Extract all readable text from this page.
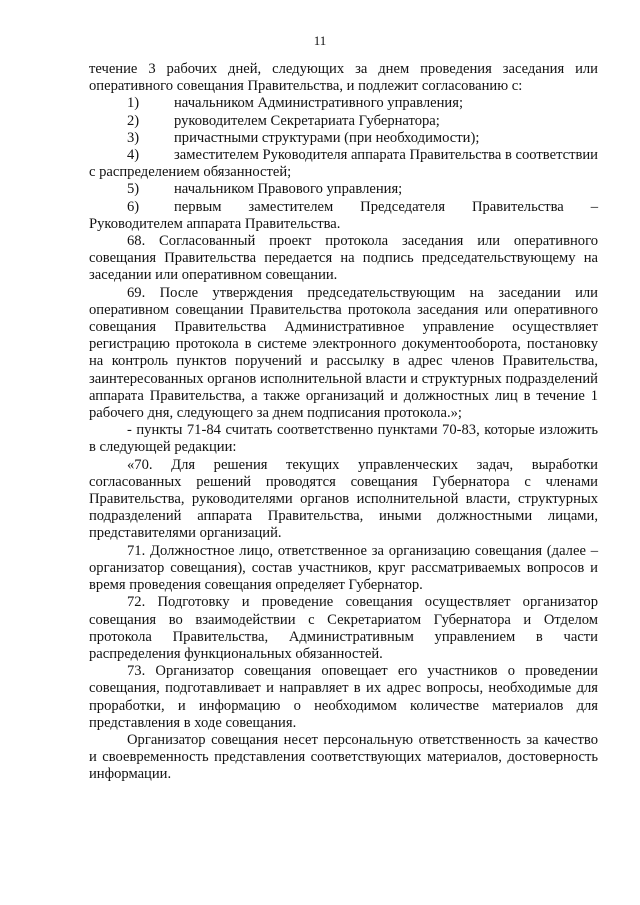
11

течение 3 рабочих дней, следующих за днем проведения заседания или оперативного совещания Правительства, и подлежит согласованию с:

1)	начальником Административного управления;
2)	руководителем Секретариата Губернатора;
3)	причастными структурами (при необходимости);

4) заместителем Руководителя аппарата Правительства в соответствии с распределением обязанностей;

5)	начальником Правового управления;

6) первым заместителем Председателя Правительства – Руководителем аппарата Правительства.

68. Согласованный проект протокола заседания или оперативного совещания Правительства передается на подпись председательствующему на заседании или оперативном совещании.

69. После утверждения председательствующим на заседании или оперативном совещании Правительства протокола заседания или оперативного совещания Правительства Административное управление осуществляет регистрацию протокола в системе электронного документооборота, постановку на контроль пунктов поручений и рассылку в адрес членов Правительства, заинтересованных органов исполнительной власти и структурных подразделений аппарата Правительства, а также организаций и должностных лиц в течение 1 рабочего дня, следующего за днем подписания протокола.»;

- пункты 71-84 считать соответственно пунктами 70-83, которые изложить в следующей редакции:

«70. Для решения текущих управленческих задач, выработки согласованных решений проводятся совещания Губернатора с членами Правительства, руководителями органов исполнительной власти, структурных подразделений аппарата Правительства, иными должностными лицами, представителями организаций.

71. Должностное лицо, ответственное за организацию совещания (далее – организатор совещания), состав участников, круг рассматриваемых вопросов и время проведения совещания определяет Губернатор.

72. Подготовку и проведение совещания осуществляет организатор совещания во взаимодействии с Секретариатом Губернатора и Отделом протокола Правительства, Административным управлением в части распределения функциональных обязанностей.

73. Организатор совещания оповещает его участников о проведении совещания, подготавливает и направляет в их адрес вопросы, необходимые для проработки, и информацию о необходимом количестве материалов для представления в ходе совещания.

Организатор совещания несет персональную ответственность за качество и своевременность представления соответствующих материалов, достоверность информации.
